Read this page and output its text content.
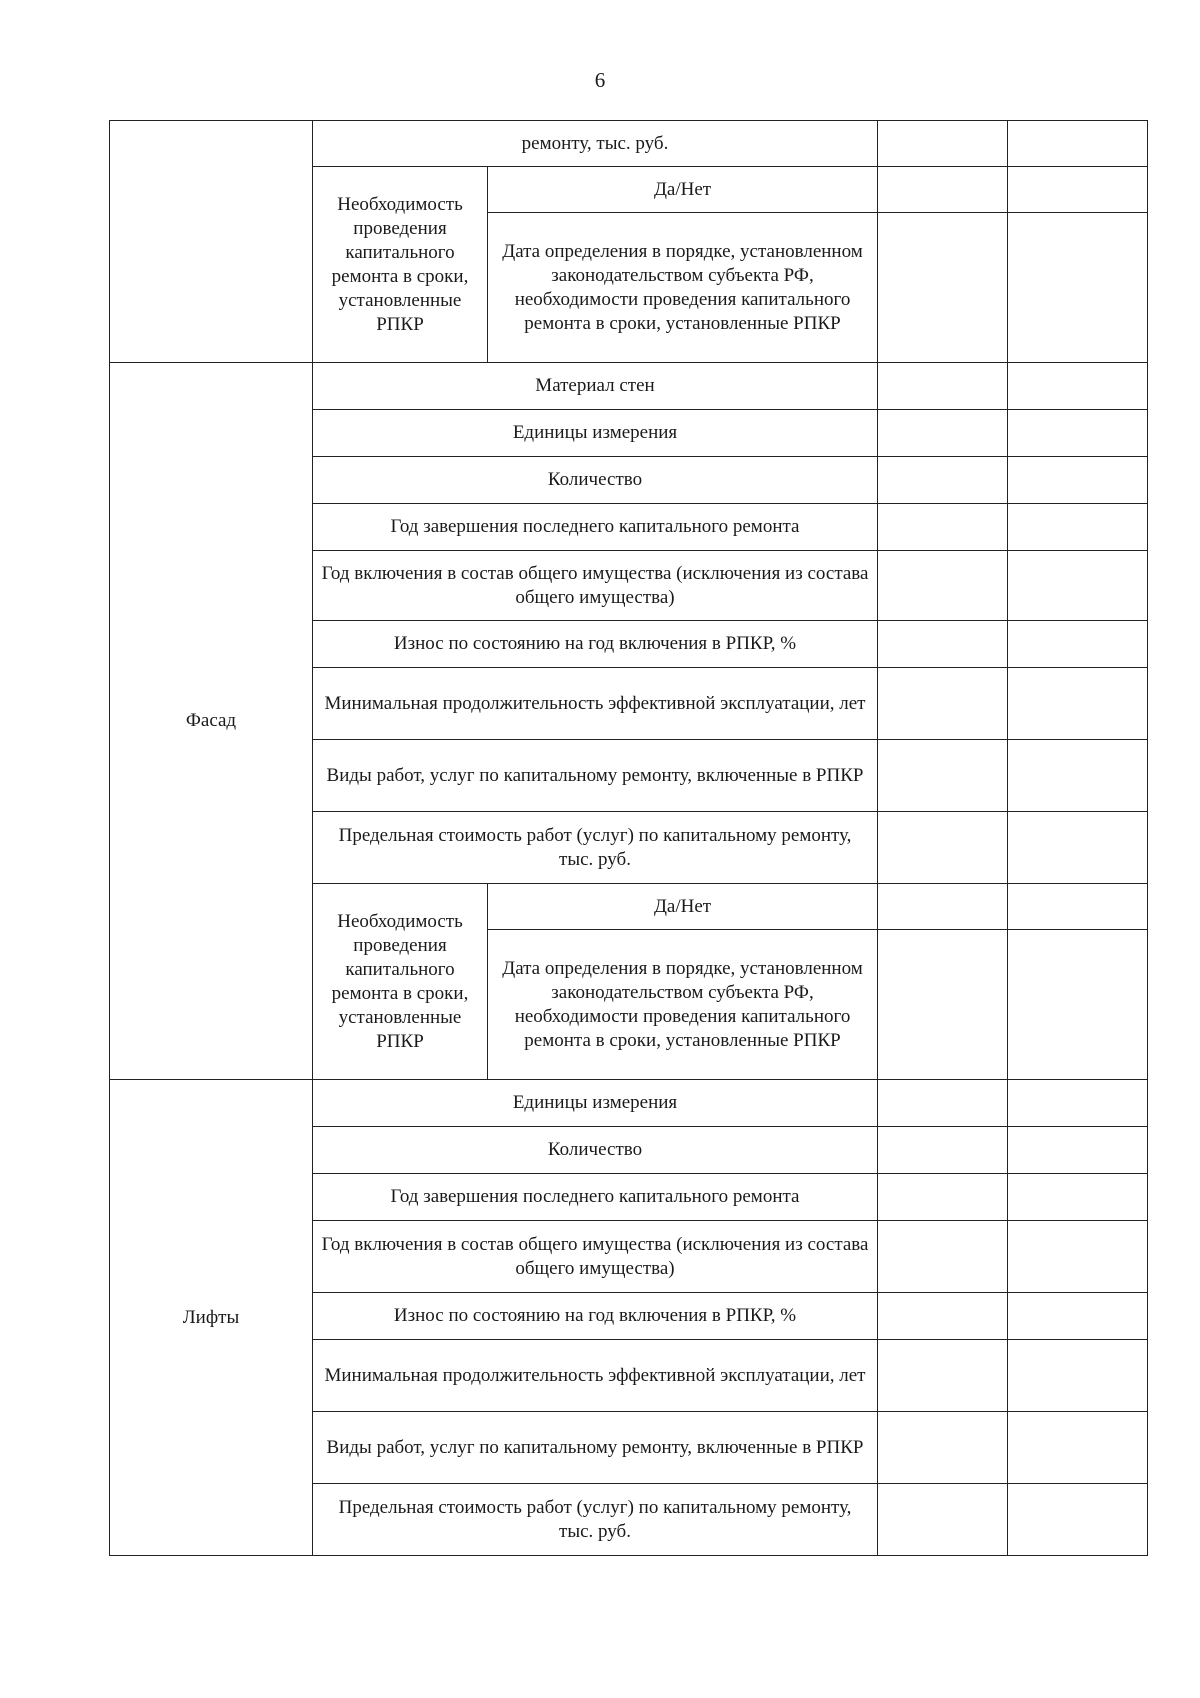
6
	ремонту, тыс. руб.			
	Необходимость проведения капитального ремонта в сроки, установленные РПКР	Да/Нет		
		Дата определения в порядке, установленном законодательством субъекта РФ, необходимости проведения капитального ремонта в сроки, установленные РПКР		
Фасад	Материал стен			
	Единицы измерения			
	Количество			
	Год завершения последнего капитального ремонта			
	Год включения в состав общего имущества (исключения из состава общего имущества)			
	Износ по состоянию на год включения в РПКР, %			
	Минимальная продолжительность эффективной эксплуатации, лет			
	Виды работ, услуг по капитальному ремонту, включенные в РПКР			
	Предельная стоимость работ (услуг) по капитальному ремонту, тыс. руб.			
	Необходимость проведения капитального ремонта в сроки, установленные РПКР	Да/Нет		
		Дата определения в порядке, установленном законодательством субъекта РФ, необходимости проведения капитального ремонта в сроки, установленные РПКР		
Лифты	Единицы измерения			
	Количество			
	Год завершения последнего капитального ремонта			
	Год включения в состав общего имущества (исключения из состава общего имущества)			
	Износ по состоянию на год включения в РПКР, %			
	Минимальная продолжительность эффективной эксплуатации, лет			
	Виды работ, услуг по капитальному ремонту, включенные в РПКР			
	Предельная стоимость работ (услуг) по капитальному ремонту, тыс. руб.			
